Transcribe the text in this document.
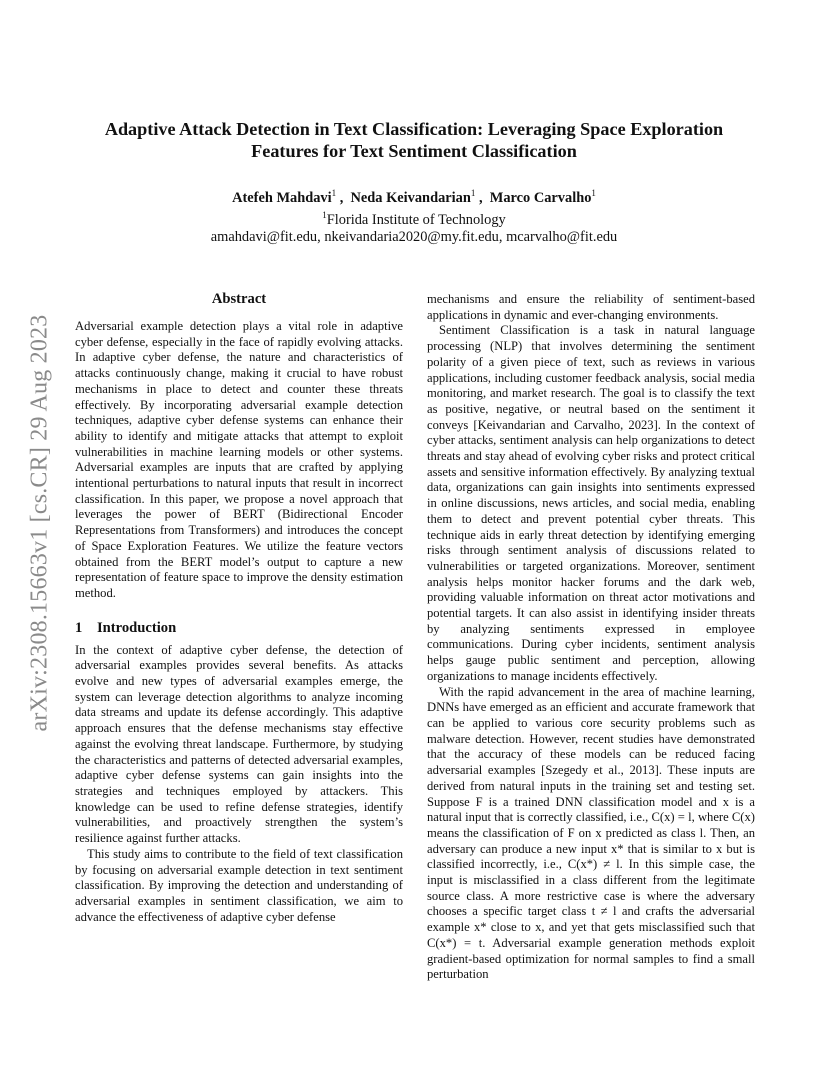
arXiv:2308.15663v1 [cs.CR] 29 Aug 2023
Adaptive Attack Detection in Text Classification: Leveraging Space Exploration
Features for Text Sentiment Classification
Atefeh Mahdavi$^1$ ,  Neda Keivandarian$^1$ ,  Marco Carvalho$^1$
$^1$Florida Institute of Technology
amahdavi@fit.edu, nkeivandaria2020@my.fit.edu, mcarvalho@fit.edu
Abstract

Adversarial example detection plays a vital role in adaptive cyber defense, especially in the face of rapidly evolving attacks. In adaptive cyber defense, the nature and characteristics of attacks continuously change, making it crucial to have robust mechanisms in place to detect and counter these threats effectively. By incorporating adversarial example detection techniques, adaptive cyber defense systems can enhance their ability to identify and mitigate attacks that attempt to exploit vulnerabilities in machine learning models or other systems. Adversarial examples are inputs that are crafted by applying intentional perturbations to natural inputs that result in incorrect classification. In this paper, we propose a novel approach that leverages the power of BERT (Bidirectional Encoder Representations from Transformers) and introduces the concept of Space Exploration Features. We utilize the feature vectors obtained from the BERT model’s output to capture a new representation of feature space to improve the density estimation method.

1 Introduction

In the context of adaptive cyber defense, the detection of adversarial examples provides several benefits. As attacks evolve and new types of adversarial examples emerge, the system can leverage detection algorithms to analyze incoming data streams and update its defense accordingly. This adaptive approach ensures that the defense mechanisms stay effective against the evolving threat landscape. Furthermore, by studying the characteristics and patterns of detected adversarial examples, adaptive cyber defense systems can gain insights into the strategies and techniques employed by attackers. This knowledge can be used to refine defense strategies, identify vulnerabilities, and proactively strengthen the system’s resilience against further attacks.

This study aims to contribute to the field of text classification by focusing on adversarial example detection in text sentiment classification. By improving the detection and understanding of adversarial examples in sentiment classification, we aim to advance the effectiveness of adaptive cyber defense

mechanisms and ensure the reliability of sentiment-based applications in dynamic and ever-changing environments.

Sentiment Classification is a task in natural language processing (NLP) that involves determining the sentiment polarity of a given piece of text, such as reviews in various applications, including customer feedback analysis, social media monitoring, and market research. The goal is to classify the text as positive, negative, or neutral based on the sentiment it conveys [Keivandarian and Carvalho, 2023]. In the context of cyber attacks, sentiment analysis can help organizations to detect threats and stay ahead of evolving cyber risks and protect critical assets and sensitive information effectively. By analyzing textual data, organizations can gain insights into sentiments expressed in online discussions, news articles, and social media, enabling them to detect and prevent potential cyber threats. This technique aids in early threat detection by identifying emerging risks through sentiment analysis of discussions related to vulnerabilities or targeted organizations. Moreover, sentiment analysis helps monitor hacker forums and the dark web, providing valuable information on threat actor motivations and potential targets. It can also assist in identifying insider threats by analyzing sentiments expressed in employee communications. During cyber incidents, sentiment analysis helps gauge public sentiment and perception, allowing organizations to manage incidents effectively.

With the rapid advancement in the area of machine learning, DNNs have emerged as an efficient and accurate framework that can be applied to various core security problems such as malware detection. However, recent studies have demonstrated that the accuracy of these models can be reduced facing adversarial examples [Szegedy et al., 2013]. These inputs are derived from natural inputs in the training set and testing set. Suppose F is a trained DNN classification model and x is a natural input that is correctly classified, i.e., C(x) = l, where C(x) means the classification of F on x predicted as class l. Then, an adversary can produce a new input x* that is similar to x but is classified incorrectly, i.e., C(x*) ≠ l. In this simple case, the input is misclassified in a class different from the legitimate source class. A more restrictive case is where the adversary chooses a specific target class t ≠ l and crafts the adversarial example x* close to x, and yet that gets misclassified such that C(x*) = t. Adversarial example generation methods exploit gradient-based optimization for normal samples to find a small perturbation
